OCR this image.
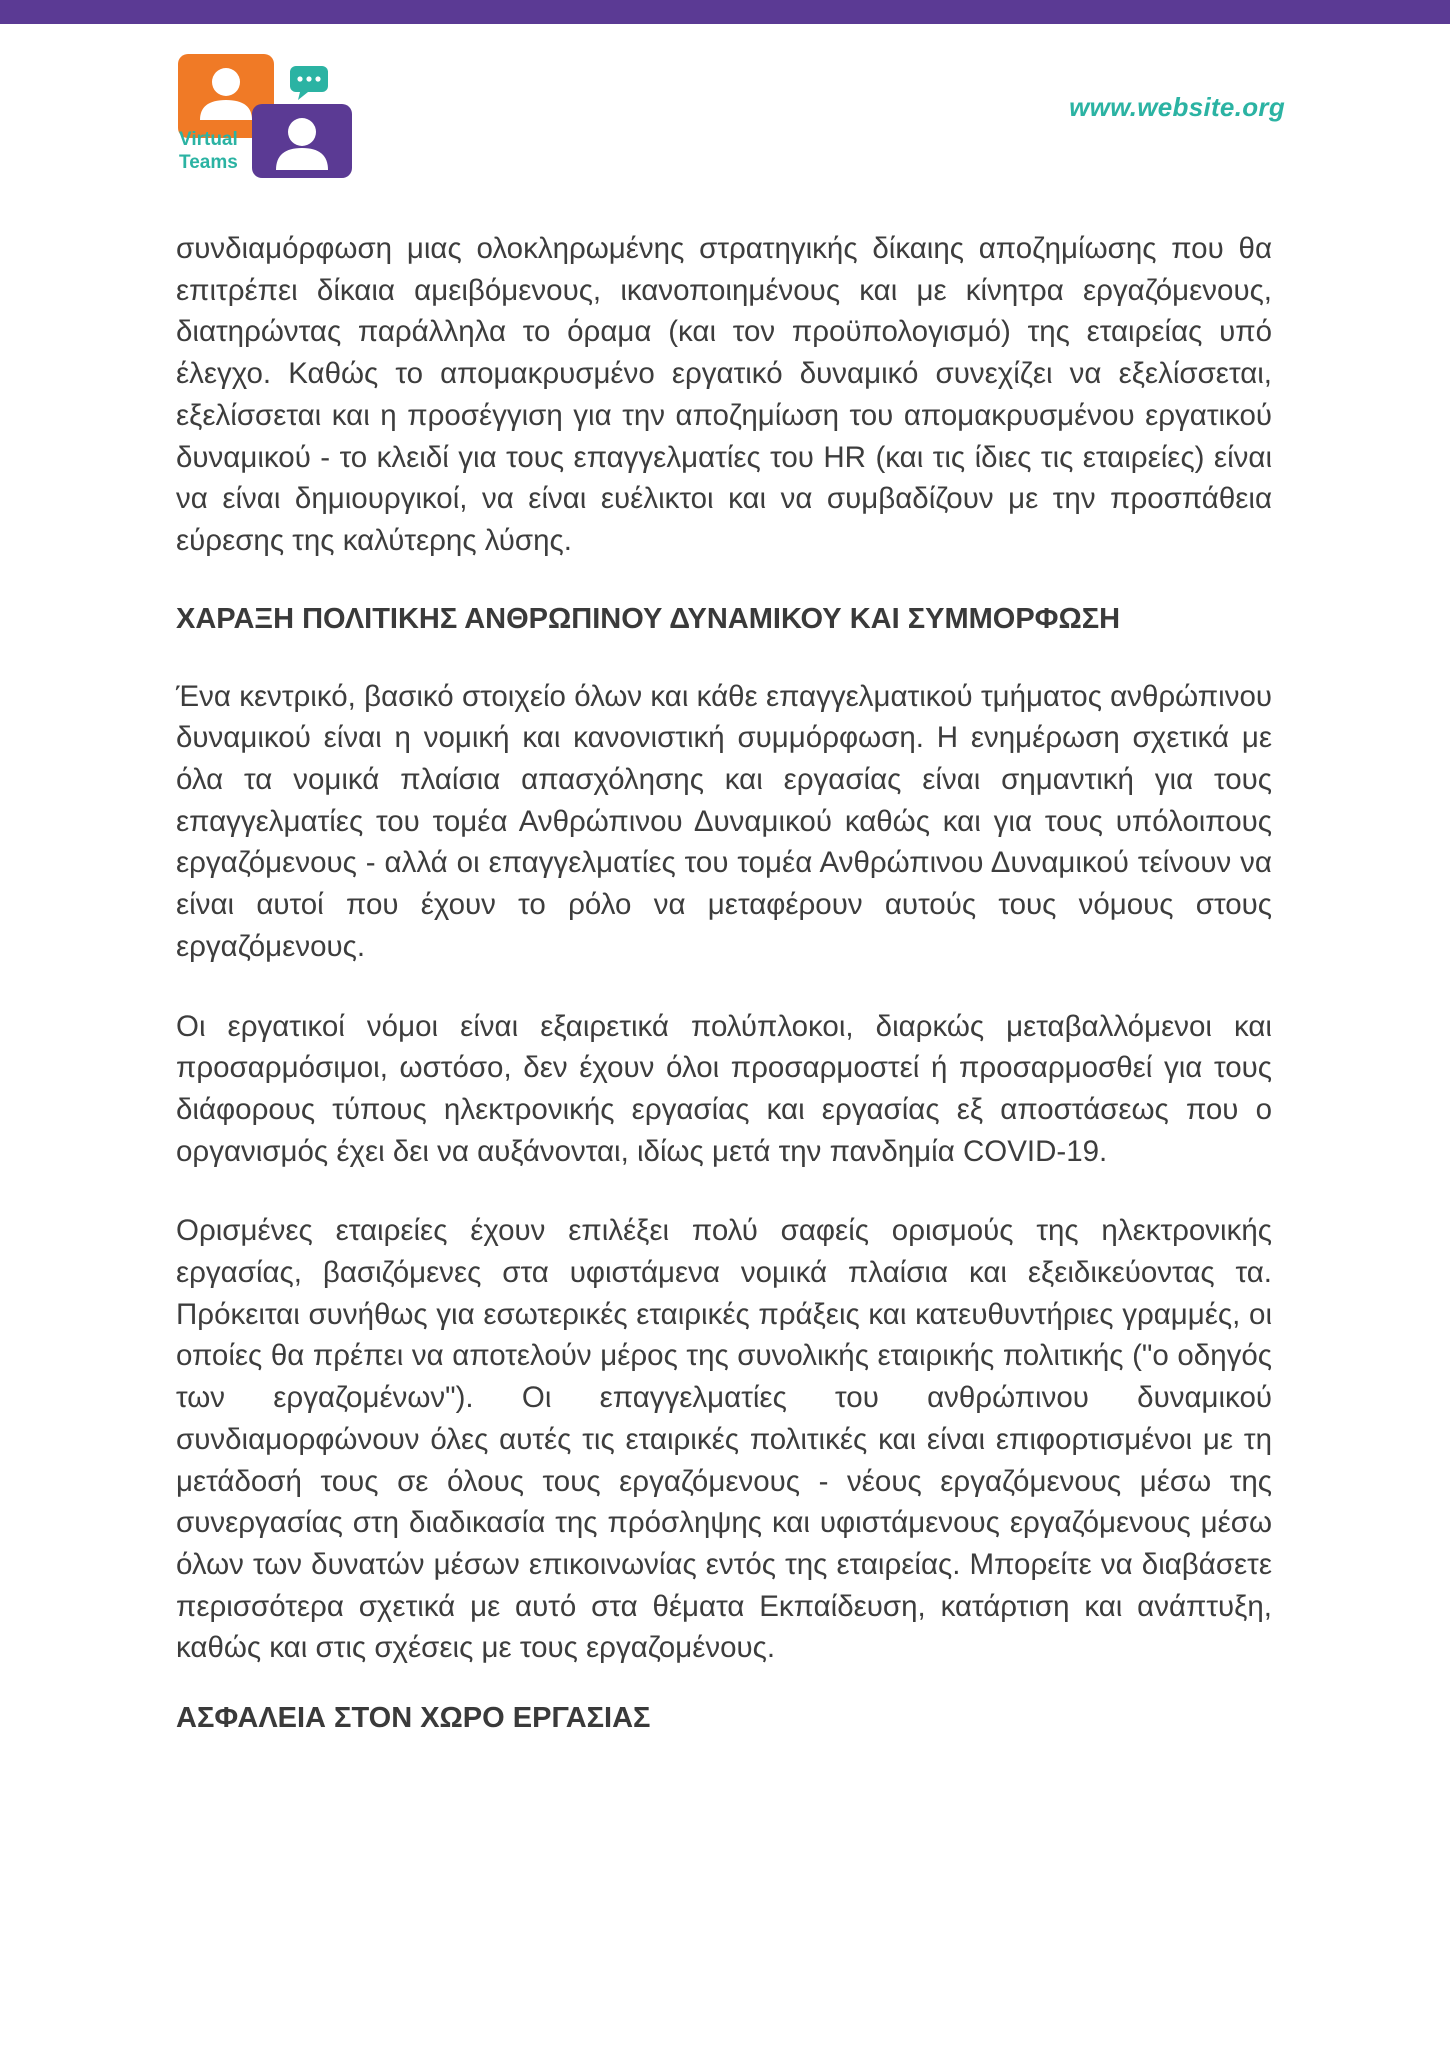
Virtual
Teams
www.website.org

συνδιαμόρφωση μιας ολοκληρωμένης στρατηγικής δίκαιης αποζημίωσης που θα επιτρέπει δίκαια αμειβόμενους, ικανοποιημένους και με κίνητρα εργαζόμενους, διατηρώντας παράλληλα το όραμα (και τον προϋπολογισμό) της εταιρείας υπό έλεγχο. Καθώς το απομακρυσμένο εργατικό δυναμικό συνεχίζει να εξελίσσεται, εξελίσσεται και η προσέγγιση για την αποζημίωση του απομακρυσμένου εργατικού δυναμικού - το κλειδί για τους επαγγελματίες του HR (και τις ίδιες τις εταιρείες) είναι να είναι δημιουργικοί, να είναι ευέλικτοι και να συμβαδίζουν με την προσπάθεια εύρεσης της καλύτερης λύσης.

ΧΑΡΑΞΗ ΠΟΛΙΤΙΚΗΣ ΑΝΘΡΩΠΙΝΟΥ ΔΥΝΑΜΙΚΟΥ ΚΑΙ ΣΥΜΜΟΡΦΩΣΗ

Ένα κεντρικό, βασικό στοιχείο όλων και κάθε επαγγελματικού τμήματος ανθρώπινου δυναμικού είναι η νομική και κανονιστική συμμόρφωση. Η ενημέρωση σχετικά με όλα τα νομικά πλαίσια απασχόλησης και εργασίας είναι σημαντική για τους επαγγελματίες του τομέα Ανθρώπινου Δυναμικού καθώς και για τους υπόλοιπους εργαζόμενους - αλλά οι επαγγελματίες του τομέα Ανθρώπινου Δυναμικού τείνουν να είναι αυτοί που έχουν το ρόλο να μεταφέρουν αυτούς τους νόμους στους εργαζόμενους.

Οι εργατικοί νόμοι είναι εξαιρετικά πολύπλοκοι, διαρκώς μεταβαλλόμενοι και προσαρμόσιμοι, ωστόσο, δεν έχουν όλοι προσαρμοστεί ή προσαρμοσθεί για τους διάφορους τύπους ηλεκτρονικής εργασίας και εργασίας εξ αποστάσεως που ο οργανισμός έχει δει να αυξάνονται, ιδίως μετά την πανδημία COVID-19.

Ορισμένες εταιρείες έχουν επιλέξει πολύ σαφείς ορισμούς της ηλεκτρονικής εργασίας, βασιζόμενες στα υφιστάμενα νομικά πλαίσια και εξειδικεύοντας τα. Πρόκειται συνήθως για εσωτερικές εταιρικές πράξεις και κατευθυντήριες γραμμές, οι οποίες θα πρέπει να αποτελούν μέρος της συνολικής εταιρικής πολιτικής ("ο οδηγός των εργαζομένων"). Οι επαγγελματίες του ανθρώπινου δυναμικού συνδιαμορφώνουν όλες αυτές τις εταιρικές πολιτικές και είναι επιφορτισμένοι με τη μετάδοσή τους σε όλους τους εργαζόμενους - νέους εργαζόμενους μέσω της συνεργασίας στη διαδικασία της πρόσληψης και υφιστάμενους εργαζόμενους μέσω όλων των δυνατών μέσων επικοινωνίας εντός της εταιρείας. Μπορείτε να διαβάσετε περισσότερα σχετικά με αυτό στα θέματα Εκπαίδευση, κατάρτιση και ανάπτυξη, καθώς και στις σχέσεις με τους εργαζομένους.

ΑΣΦΑΛΕΙΑ ΣΤΟΝ ΧΩΡΟ ΕΡΓΑΣΙΑΣ
